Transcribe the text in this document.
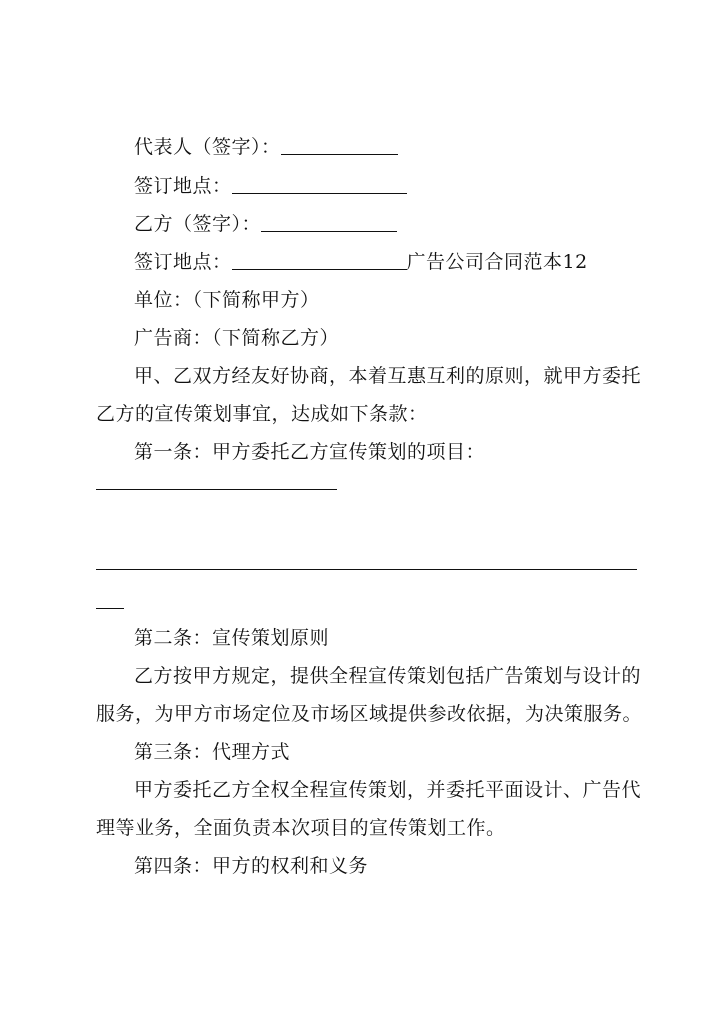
代表人（签字）：
签订地点：
乙方（签字）：
签订地点：	广告公司合同范本12
单位：（下简称甲方）
广告商：（下简称乙方）
甲、乙双方经友好协商，本着互惠互利的原则，就甲方委托
乙方的宣传策划事宜，达成如下条款：
第一条：甲方委托乙方宣传策划的项目：
第二条：宣传策划原则
乙方按甲方规定，提供全程宣传策划包括广告策划与设计的
服务，为甲方市场定位及市场区域提供参改依据，为决策服务。
第三条：代理方式
甲方委托乙方全权全程宣传策划，并委托平面设计、广告代
理等业务，全面负责本次项目的宣传策划工作。
第四条：甲方的权利和义务
